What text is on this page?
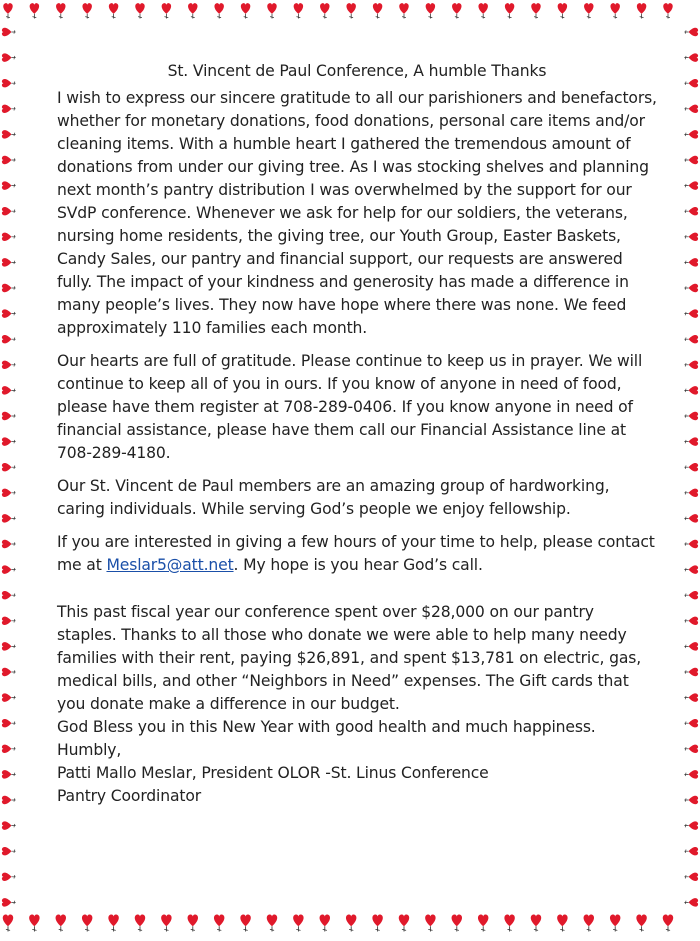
St. Vincent de Paul Conference, A humble Thanks

I wish to express our sincere gratitude to all our parishioners and benefactors, whether for monetary donations, food donations, personal care items and/or cleaning items. With a humble heart I gathered the tremendous amount of donations from under our giving tree. As I was stocking shelves and planning next month’s pantry distribution I was overwhelmed by the support for our SVdP conference. Whenever we ask for help for our soldiers, the veterans, nursing home residents, the giving tree, our Youth Group, Easter Baskets, Candy Sales, our pantry and financial support, our requests are answered fully. The impact of your kindness and generosity has made a difference in many people’s lives. They now have hope where there was none. We feed approximately 110 families each month.

Our hearts are full of gratitude. Please continue to keep us in prayer. We will continue to keep all of you in ours. If you know of anyone in need of food, please have them register at 708-289-0406. If you know anyone in need of financial assistance, please have them call our Financial Assistance line at 708-289-4180.

Our St. Vincent de Paul members are an amazing group of hardworking, caring individuals. While serving God’s people we enjoy fellowship.

If you are interested in giving a few hours of your time to help, please contact me at Meslar5@att.net. My hope is you hear God’s call.

This past fiscal year our conference spent over $28,000 on our pantry staples. Thanks to all those who donate we were able to help many needy families with their rent, paying $26,891, and spent $13,781 on electric, gas, medical bills, and other “Neighbors in Need” expenses. The Gift cards that you donate make a difference in our budget.
God Bless you in this New Year with good health and much happiness.
Humbly,
Patti Mallo Meslar, President OLOR -St. Linus Conference
Pantry Coordinator
